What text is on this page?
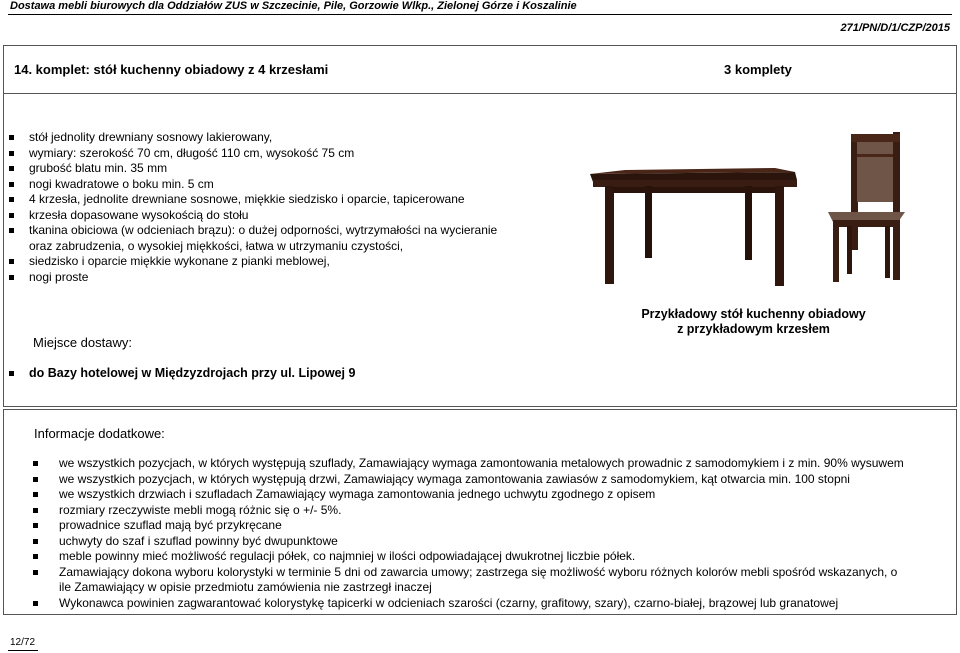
Dostawa mebli biurowych dla Oddziałów ZUS w Szczecinie, Pile, Gorzowie Wlkp., Zielonej Górze i Koszalinie
271/PN/D/1/CZP/2015
14. komplet: stół kuchenny obiadowy z 4 krzesłami	3 komplety
stół jednolity drewniany sosnowy lakierowany,
wymiary: szerokość 70 cm, długość 110 cm, wysokość 75 cm
grubość blatu min. 35 mm
nogi kwadratowe o boku min. 5 cm
4 krzesła, jednolite drewniane sosnowe, miękkie siedzisko i oparcie, tapicerowane
krzesła dopasowane wysokością do stołu
tkanina obiciowa (w odcieniach brązu): o dużej odporności, wytrzymałości na wycieranie
oraz zabrudzenia, o wysokiej miękkości, łatwa w utrzymaniu czystości,
siedzisko i oparcie miękkie wykonane z pianki meblowej,
nogi proste
Miejsce dostawy:
do Bazy hotelowej w Międzyzdrojach przy ul. Lipowej 9
Przykładowy stół kuchenny obiadowy
z przykładowym krzesłem
Informacje dodatkowe:
we wszystkich pozycjach, w których występują szuflady, Zamawiający wymaga zamontowania metalowych prowadnic z samodomykiem i z min. 90% wysuwem
we wszystkich pozycjach, w których występują drzwi, Zamawiający wymaga zamontowania zawiasów z samodomykiem, kąt otwarcia min. 100 stopni
we wszystkich drzwiach i szufladach Zamawiający wymaga zamontowania jednego uchwytu zgodnego z opisem
rozmiary rzeczywiste mebli mogą różnic się o +/- 5%.
prowadnice szuflad mają być przykręcane
uchwyty do szaf i szuflad powinny być dwupunktowe
meble powinny mieć możliwość regulacji półek, co najmniej w ilości odpowiadającej dwukrotnej liczbie półek.
Zamawiający dokona wyboru kolorystyki w terminie 5 dni od zawarcia umowy; zastrzega się możliwość wyboru różnych kolorów mebli spośród wskazanych, o
ile Zamawiający w opisie przedmiotu zamówienia nie zastrzegł inaczej
Wykonawca powinien zagwarantować kolorystykę tapicerki w odcieniach szarości (czarny, grafitowy, szary), czarno-białej, brązowej lub granatowej
12/72
